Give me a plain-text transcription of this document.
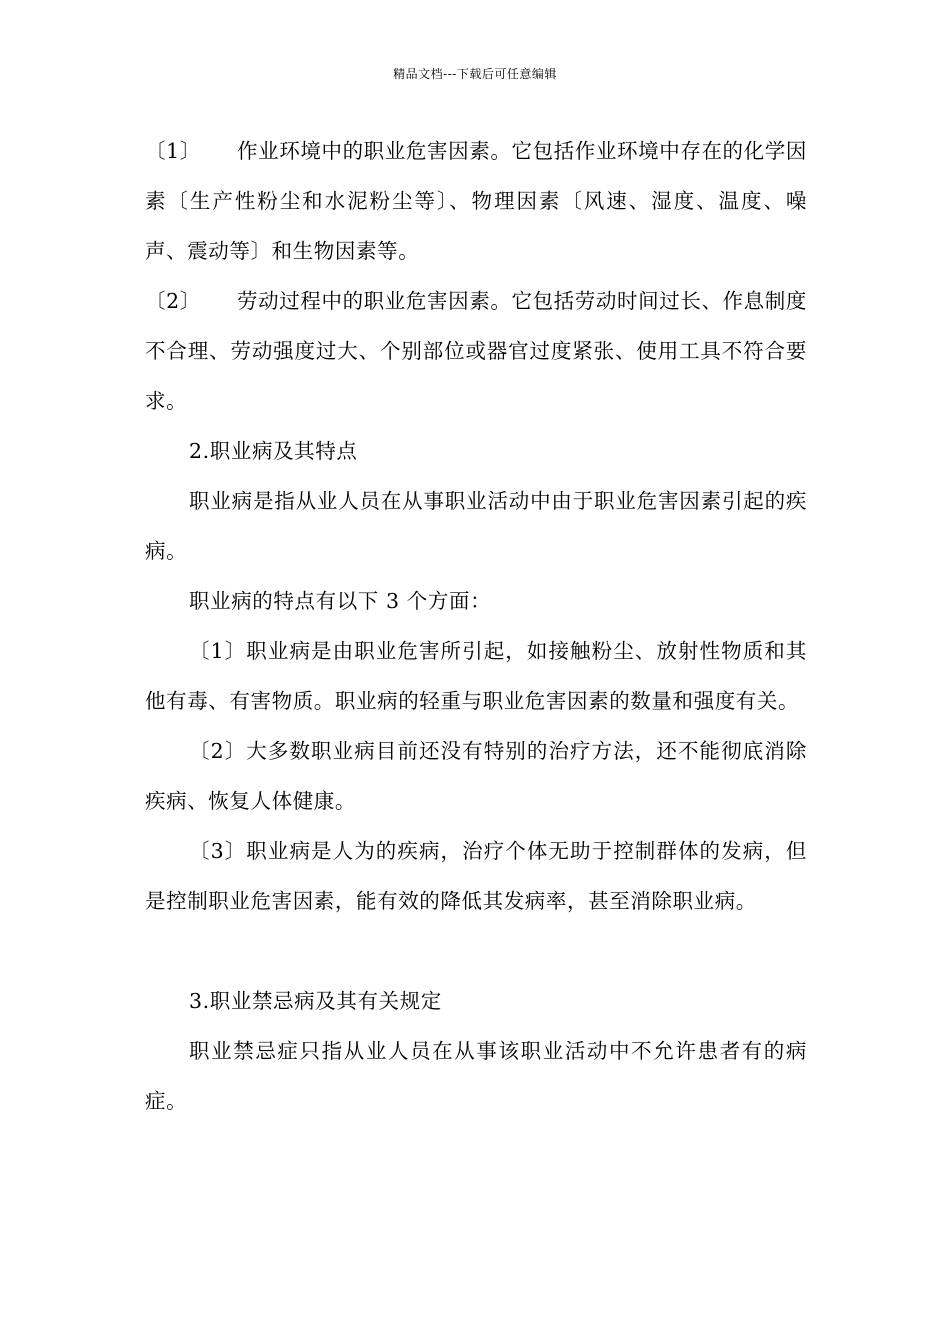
精品文档---下载后可任意编辑

〔1〕 作业环境中的职业危害因素。它包括作业环境中存在的化学因素〔生产性粉尘和水泥粉尘等〕、物理因素〔风速、湿度、温度、噪声、震动等〕和生物因素等。

〔2〕 劳动过程中的职业危害因素。它包括劳动时间过长、作息制度不合理、劳动强度过大、个别部位或器官过度紧张、使用工具不符合要求。

2.职业病及其特点

职业病是指从业人员在从事职业活动中由于职业危害因素引起的疾病。

职业病的特点有以下 3 个方面：

〔1〕职业病是由职业危害所引起，如接触粉尘、放射性物质和其他有毒、有害物质。职业病的轻重与职业危害因素的数量和强度有关。

〔2〕大多数职业病目前还没有特别的治疗方法，还不能彻底消除疾病、恢复人体健康。

〔3〕职业病是人为的疾病，治疗个体无助于控制群体的发病，但是控制职业危害因素，能有效的降低其发病率，甚至消除职业病。

3.职业禁忌病及其有关规定

职业禁忌症只指从业人员在从事该职业活动中不允许患者有的病症。
